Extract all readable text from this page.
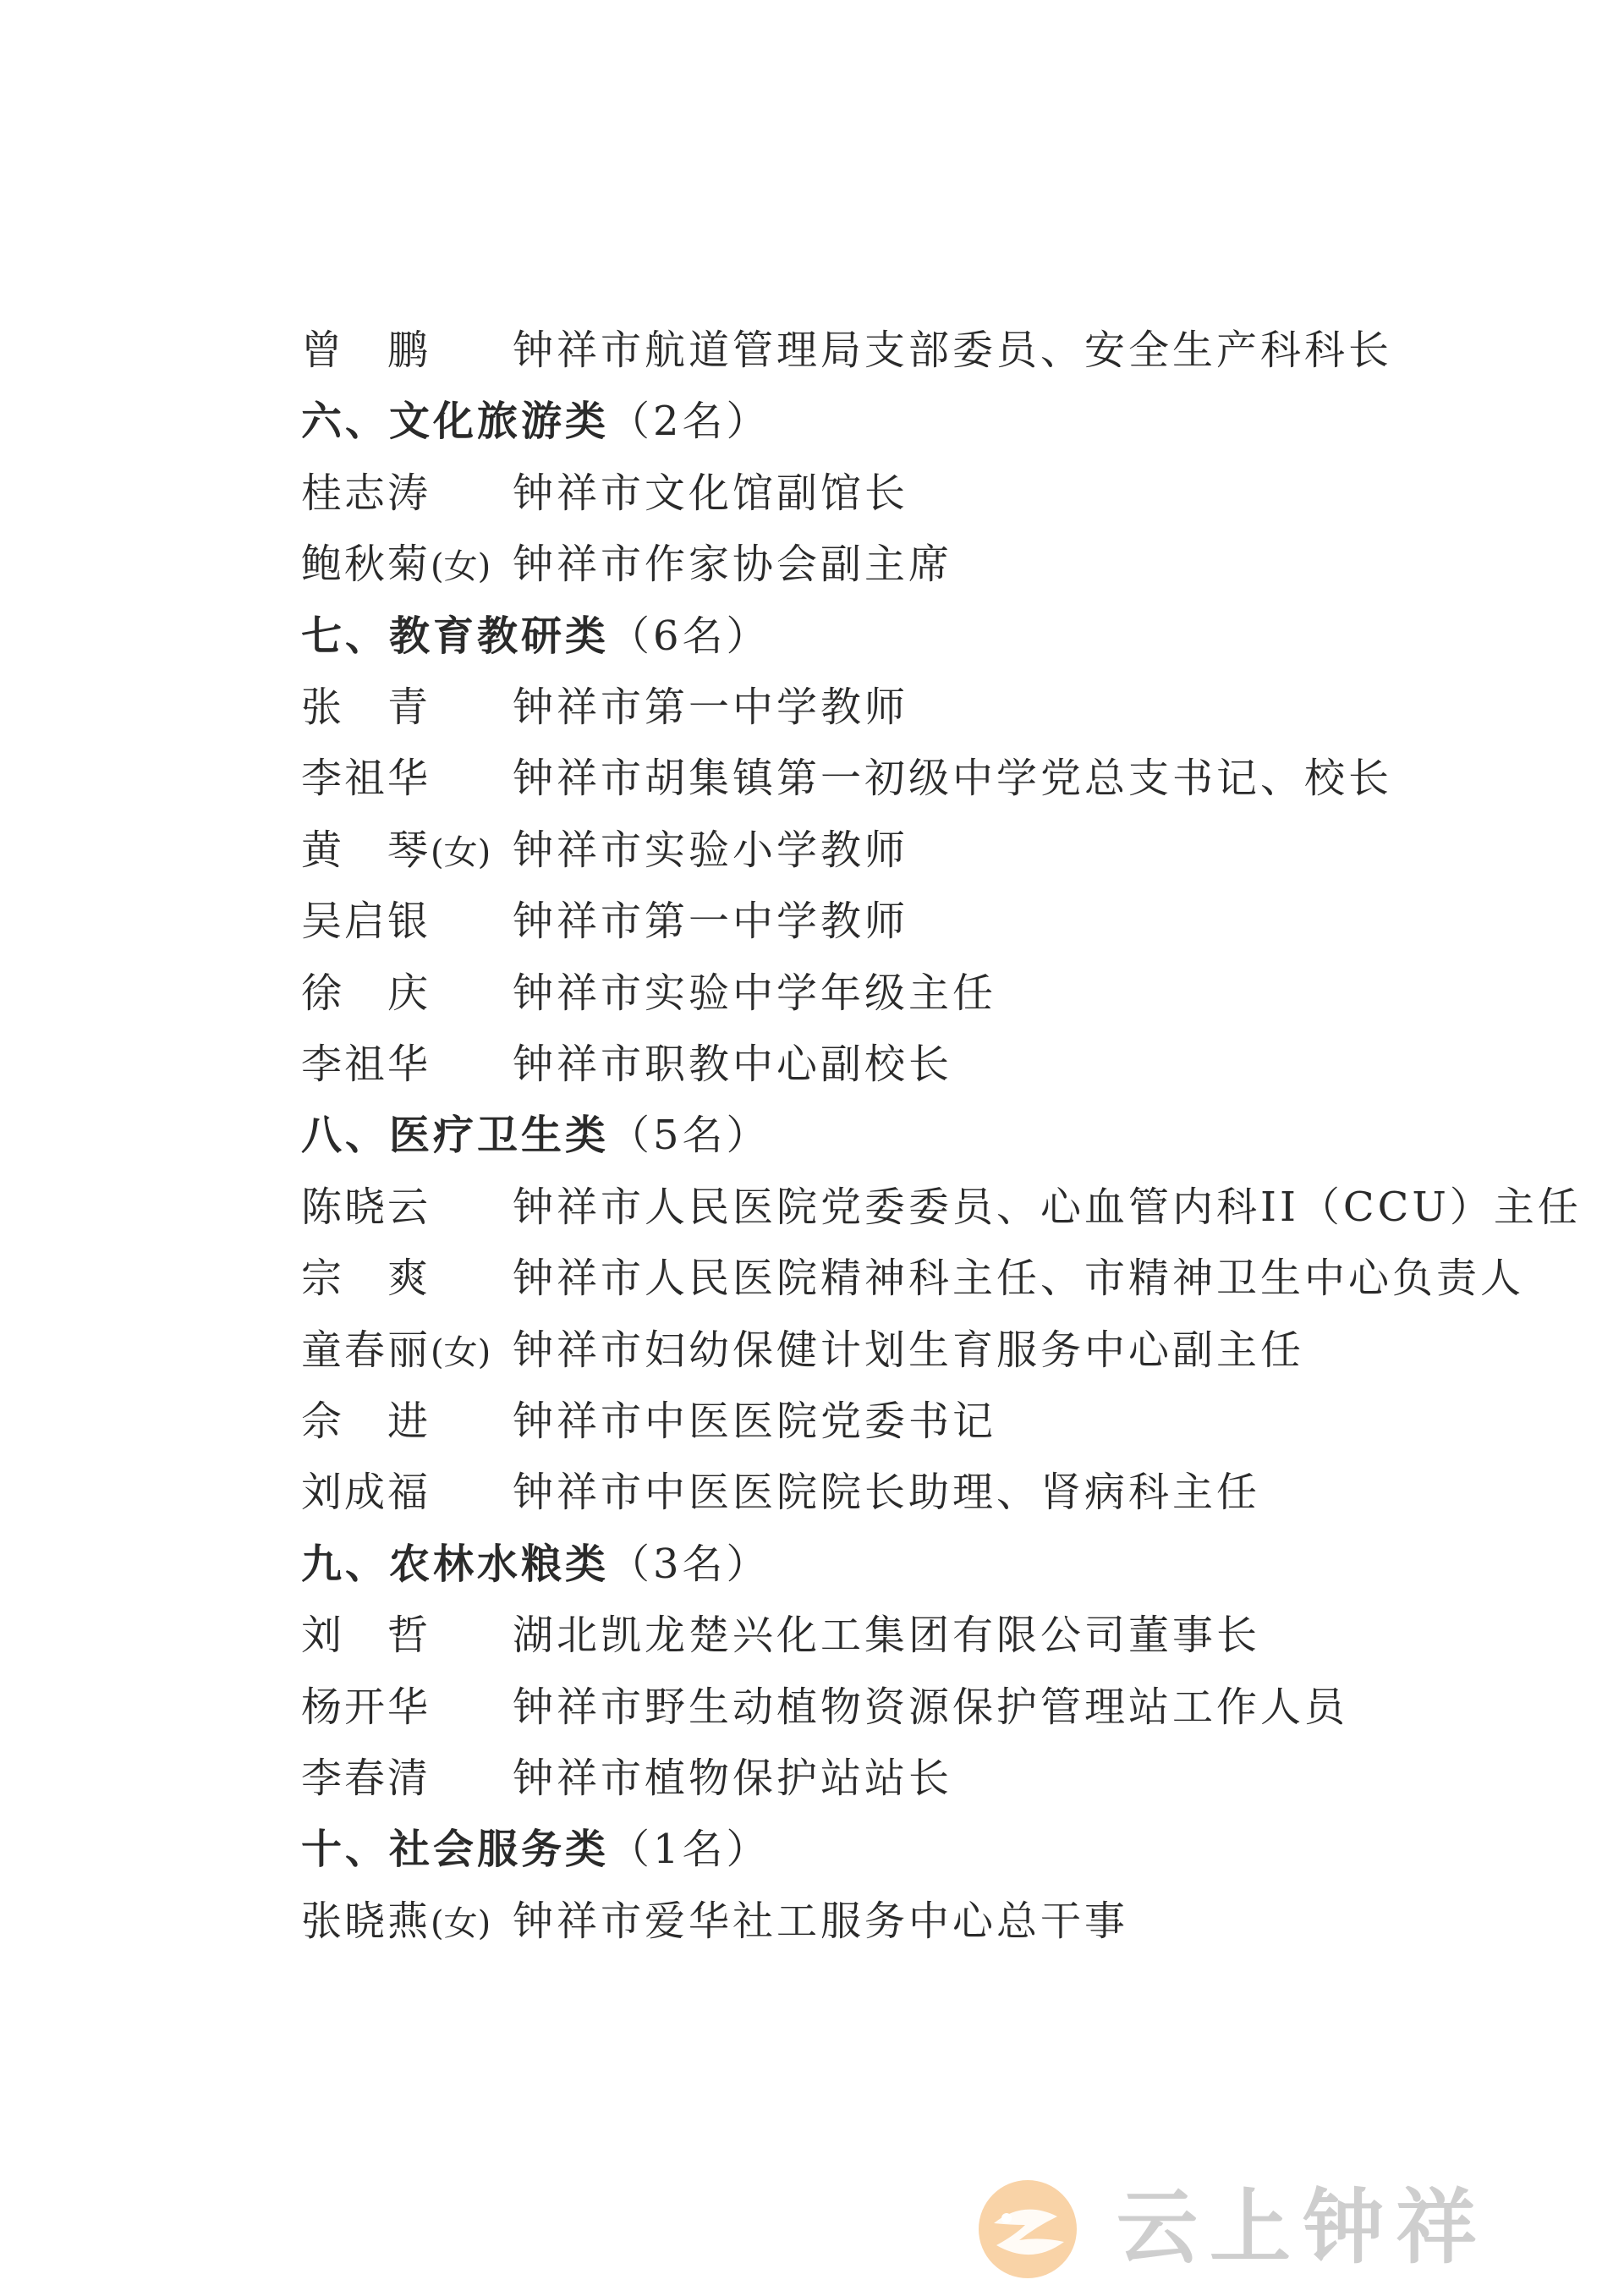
曾　鹏 钟祥市航道管理局支部委员、安全生产科科长
六、文化旅游类（2名）
桂志涛 钟祥市文化馆副馆长
鲍秋菊(女) 钟祥市作家协会副主席
七、教育教研类（6名）
张　青 钟祥市第一中学教师
李祖华 钟祥市胡集镇第一初级中学党总支书记、校长
黄　琴(女) 钟祥市实验小学教师
吴启银 钟祥市第一中学教师
徐　庆 钟祥市实验中学年级主任
李祖华 钟祥市职教中心副校长
八、医疗卫生类（5名）
陈晓云 钟祥市人民医院党委委员、心血管内科II（CCU）主任
宗　爽 钟祥市人民医院精神科主任、市精神卫生中心负责人
童春丽(女) 钟祥市妇幼保健计划生育服务中心副主任
佘　进 钟祥市中医医院党委书记
刘成福 钟祥市中医医院院长助理、肾病科主任
九、农林水粮类（3名）
刘　哲 湖北凯龙楚兴化工集团有限公司董事长
杨开华 钟祥市野生动植物资源保护管理站工作人员
李春清 钟祥市植物保护站站长
十、社会服务类（1名）
张晓燕(女) 钟祥市爱华社工服务中心总干事
云上钟祥
